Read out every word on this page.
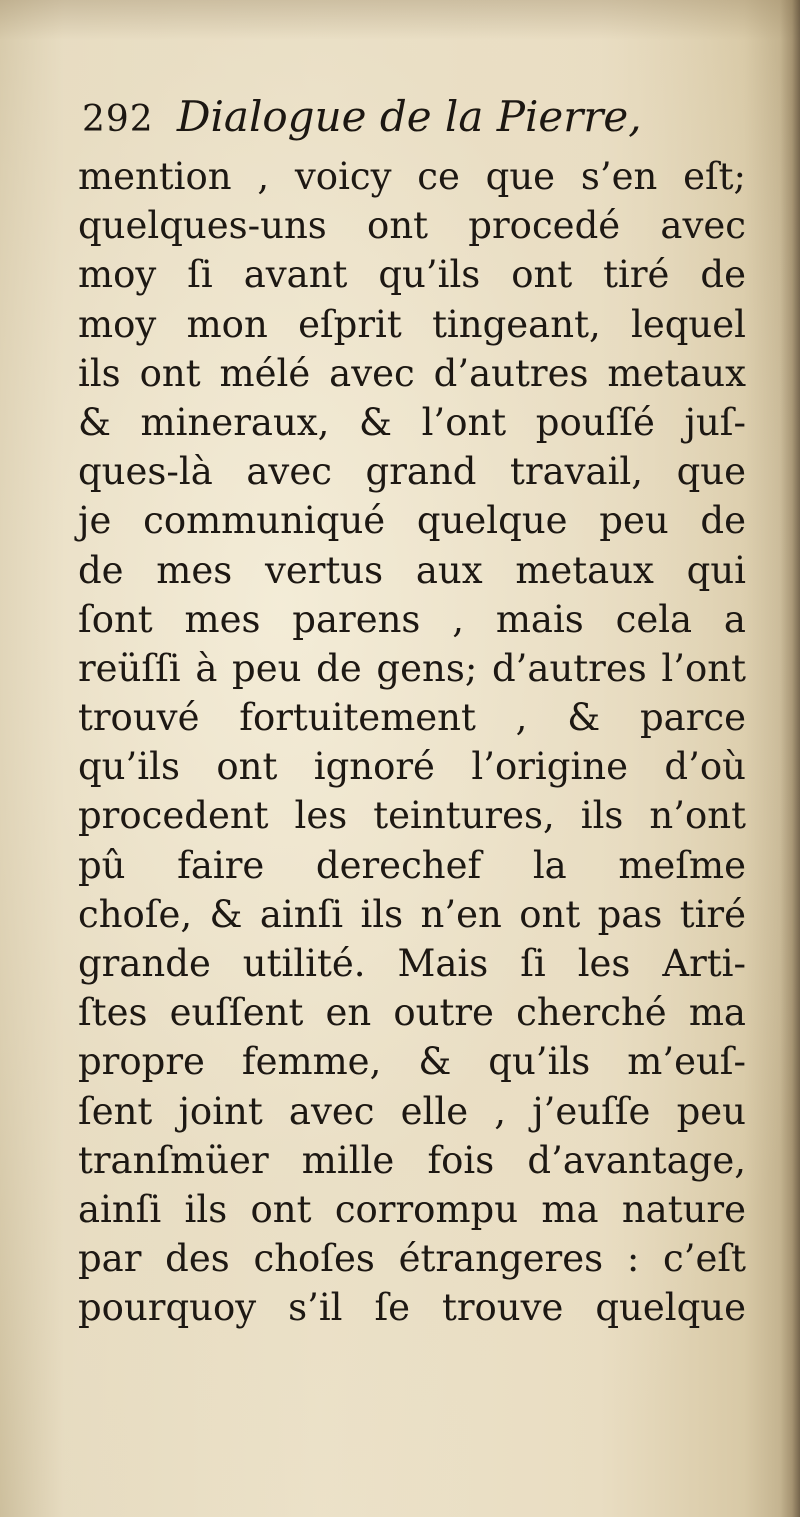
292 Dialogue de la Pierre,
mention , voicy ce que s’en eſt;
quelques-uns ont procedé avec
moy ſi avant qu’ils ont tiré de
moy mon eſprit tingeant, lequel
ils ont mélé avec d’autres metaux
& mineraux, & l’ont pouſſé juſ-
ques-là avec grand travail, que
je communiqué quelque peu de
de mes vertus aux metaux qui
ſont mes parens , mais cela a
reüſſi à peu de gens; d’autres l’ont
trouvé fortuitement , & parce
qu’ils ont ignoré l’origine d’où
procedent les teintures, ils n’ont
pû faire derechef la meſme
choſe, & ainſi ils n’en ont pas tiré
grande utilité. Mais ſi les Arti-
ſtes euſſent en outre cherché ma
propre femme, & qu’ils m’euſ-
ſent joint avec elle , j’euſſe peu
tranſmüer mille fois d’avantage,
ainſi ils ont corrompu ma nature
par des choſes étrangeres : c’eſt
pourquoy s’il ſe trouve quelque
